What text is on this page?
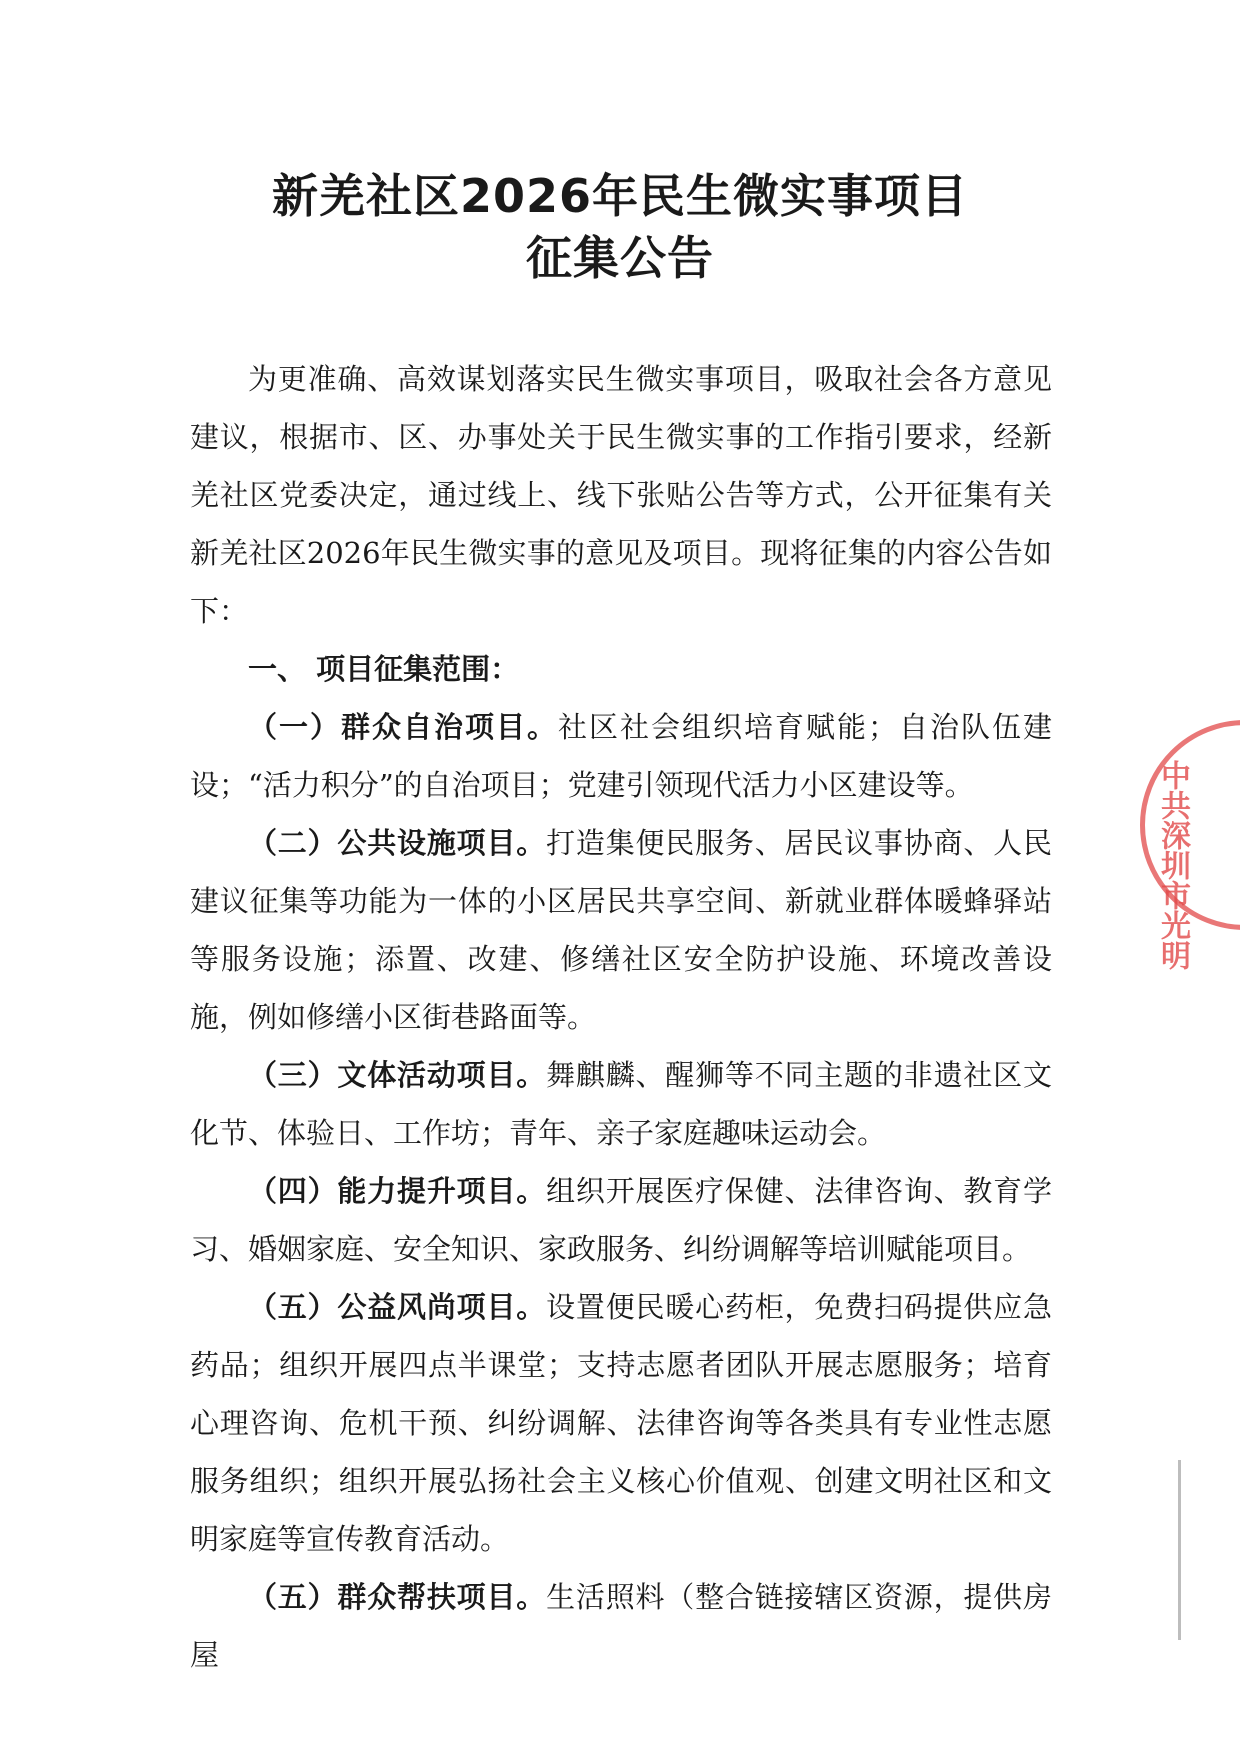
新羌社区2026年民生微实事项目
征集公告

为更准确、高效谋划落实民生微实事项目，吸取社会各方意见建议，根据市、区、办事处关于民生微实事的工作指引要求，经新羌社区党委决定，通过线上、线下张贴公告等方式，公开征集有关新羌社区2026年民生微实事的意见及项目。现将征集的内容公告如下：

一、 项目征集范围：

（一）群众自治项目。社区社会组织培育赋能；自治队伍建设；“活力积分”的自治项目；党建引领现代活力小区建设等。

（二）公共设施项目。打造集便民服务、居民议事协商、人民建议征集等功能为一体的小区居民共享空间、新就业群体暖蜂驿站等服务设施；添置、改建、修缮社区安全防护设施、环境改善设施，例如修缮小区街巷路面等。

（三）文体活动项目。舞麒麟、醒狮等不同主题的非遗社区文化节、体验日、工作坊；青年、亲子家庭趣味运动会。

（四）能力提升项目。组织开展医疗保健、法律咨询、教育学习、婚姻家庭、安全知识、家政服务、纠纷调解等培训赋能项目。

（五）公益风尚项目。设置便民暖心药柜，免费扫码提供应急药品；组织开展四点半课堂；支持志愿者团队开展志愿服务；培育心理咨询、危机干预、纠纷调解、法律咨询等各类具有专业性志愿服务组织；组织开展弘扬社会主义核心价值观、创建文明社区和文明家庭等宣传教育活动。

（五）群众帮扶项目。生活照料（整合链接辖区资源，提供房屋

中共深圳市光明
